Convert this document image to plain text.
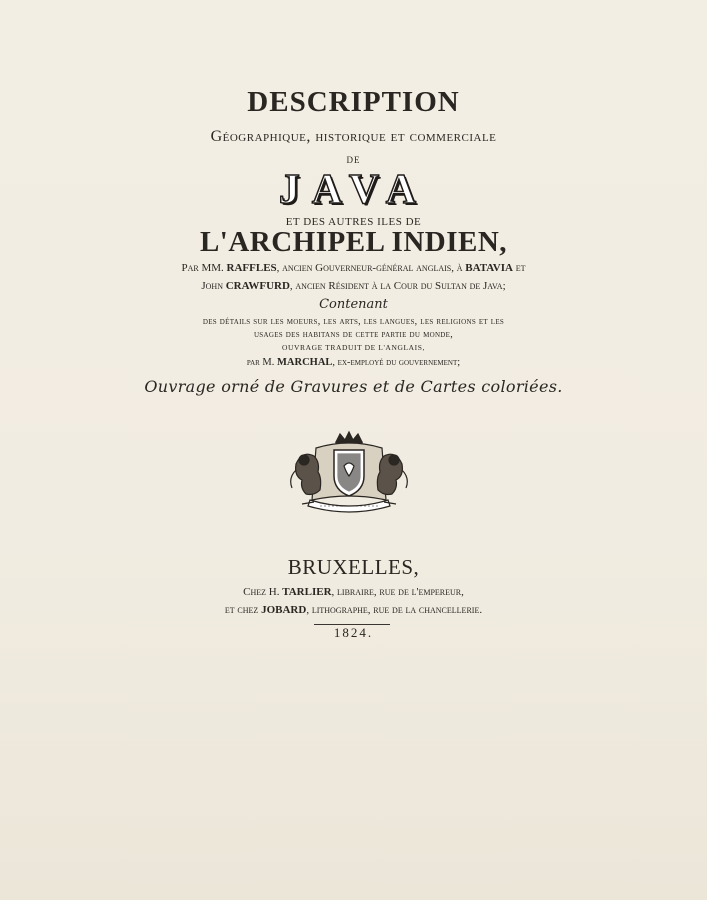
DESCRIPTION
Géographique, historique et commerciale
DE
JAVA
ET DES AUTRES ILES DE
L'ARCHIPEL INDIEN,
Par MM. RAFFLES, ancien Gouverneur-général anglais, à BATAVIA et
John CRAWFURD, ancien Résident à la Cour du Sultan de Java;
Contenant
des détails sur les moeurs, les arts, les langues, les religions et les
usages des habitans de cette partie du monde,
OUVRAGE TRADUIT DE L'ANGLAIS,
par M. MARCHAL, ex-employé du gouvernement;
Ouvrage orné de Gravures et de Cartes coloriées.
BRUXELLES,
Chez H. TARLIER, libraire, rue de l'empereur,
et chez JOBARD, lithographe, rue de la chancellerie.
1824.
